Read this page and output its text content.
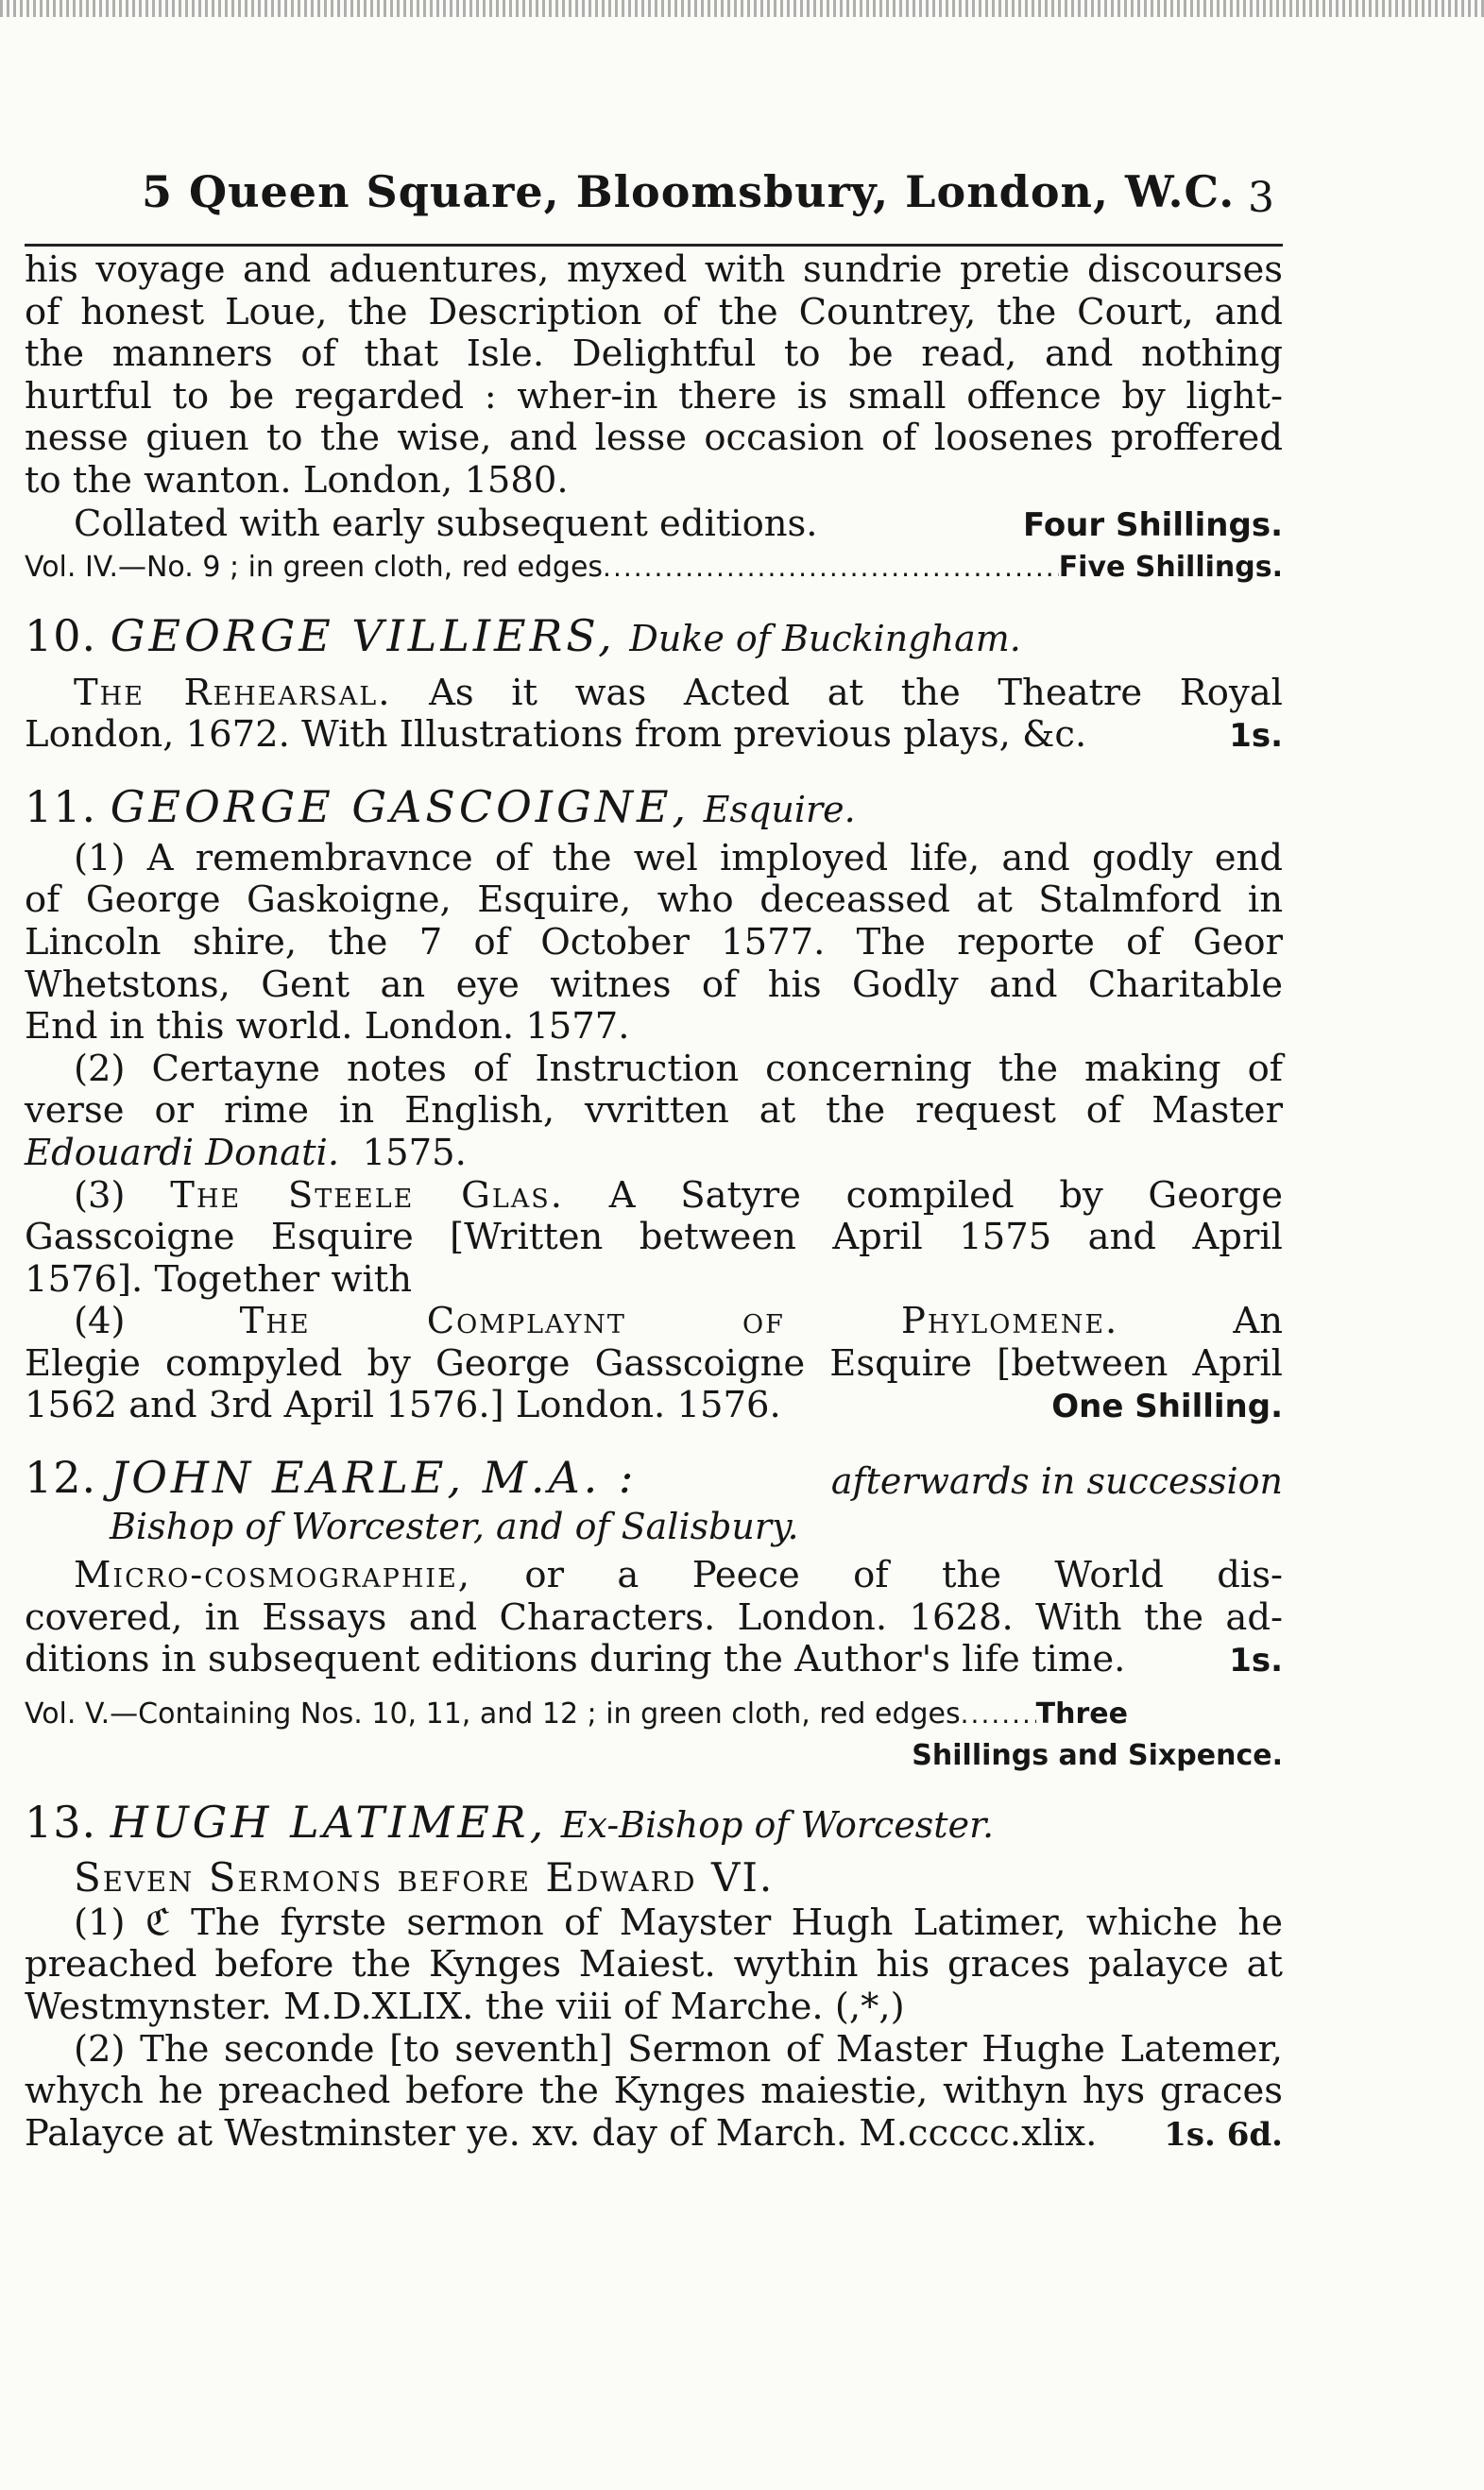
5 Queen Square, Bloomsbury, London, W.C. 3
his voyage and aduentures, myxed with sundrie pretie discourses
of honest Loue, the Description of the Countrey, the Court, and
the manners of that Isle. Delightful to be read, and nothing
hurtful to be regarded : wher-in there is small offence by light-
nesse giuen to the wise, and lesse occasion of loosenes proffered
to the wanton. London, 1580.
Collated with early subsequent editions.	Four Shillings.
Vol. IV.—No. 9 ; in green cloth, red edges .....	Five Shillings.
10. GEORGE VILLIERS, Duke of Buckingham.
The Rehearsal. As it was Acted at the Theatre Royal
London, 1672. With Illustrations from previous plays, &c.	1s.
11. GEORGE GASCOIGNE, Esquire.
(1) A remembravnce of the wel imployed life, and godly end
of George Gaskoigne, Esquire, who deceassed at Stalmford in
Lincoln shire, the 7 of October 1577. The reporte of Geor
Whetstons, Gent an eye witnes of his Godly and Charitable
End in this world. London. 1577.
(2) Certayne notes of Instruction concerning the making of
verse or rime in English, vvritten at the request of Master
Edouardi Donati. 1575.
(3) The Steele Glas. A Satyre compiled by George
Gasscoigne Esquire [Written between April 1575 and April
1576]. Together with
(4)	The Complaynt of Phylomene.	An
Elegie compyled by George Gasscoigne Esquire [between April
1562 and 3rd April 1576.] London. 1576.	One Shilling.
12. JOHN EARLE, M.A. :	afterwards in succession
Bishop of Worcester, and of Salisbury.
Micro-cosmographie, or a Peece of the World dis-
covered, in Essays and Characters. London. 1628. With the ad-
ditions in subsequent editions during the Author's life time.	1s.
Vol. V.—Containing Nos. 10, 11, and 12 ; in green cloth, red edges .....	Three
Shillings and Sixpence.
13. HUGH LATIMER, Ex-Bishop of Worcester.
Seven Sermons before Edward VI.
(1) ℭ The fyrste sermon of Mayster Hugh Latimer, whiche he
preached before the Kynges Maiest. wythin his graces palayce at
Westmynster. M.D.XLIX. the viii of Marche. (,*,)
(2) The seconde [to seventh] Sermon of Master Hughe Latemer,
whych he preached before the Kynges maiestie, withyn hys graces
Palayce at Westminster ye. xv. day of March. M.ccccc.xlix. 1s. 6d.
